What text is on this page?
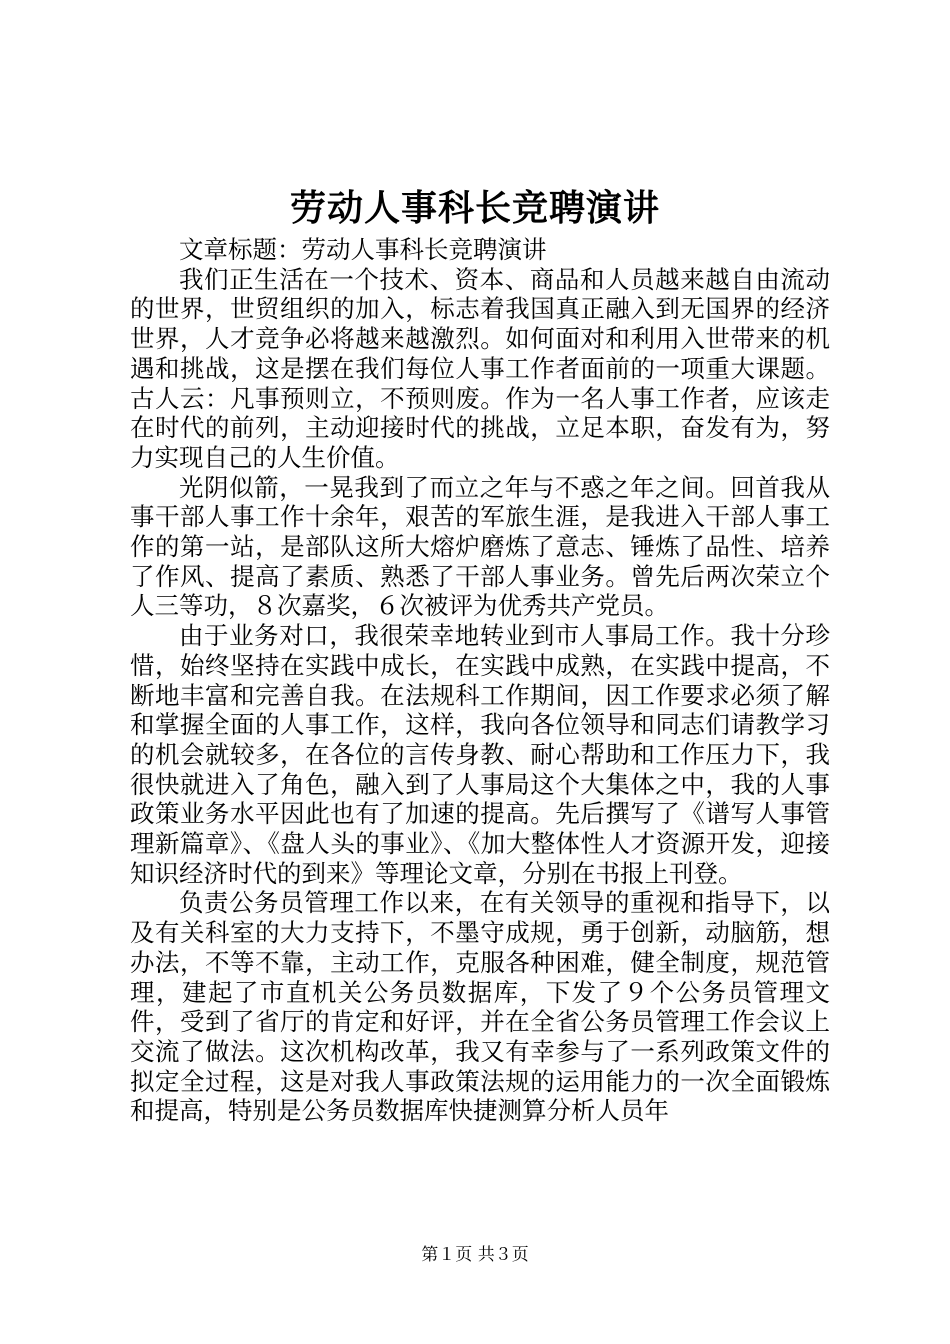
劳动人事科长竞聘演讲

文章标题：劳动人事科长竞聘演讲

我们正生活在一个技术、资本、商品和人员越来越自由流动的世界，世贸组织的加入，标志着我国真正融入到无国界的经济世界，人才竞争必将越来越激烈。如何面对和利用入世带来的机遇和挑战，这是摆在我们每位人事工作者面前的一项重大课题。古人云：凡事预则立，不预则废。作为一名人事工作者，应该走在时代的前列，主动迎接时代的挑战，立足本职，奋发有为，努力实现自己的人生价值。

光阴似箭，一晃我到了而立之年与不惑之年之间。回首我从事干部人事工作十余年，艰苦的军旅生涯，是我进入干部人事工作的第一站，是部队这所大熔炉磨炼了意志、锤炼了品性、培养了作风、提高了素质、熟悉了干部人事业务。曾先后两次荣立个人三等功，８次嘉奖，６次被评为优秀共产党员。

由于业务对口，我很荣幸地转业到市人事局工作。我十分珍惜，始终坚持在实践中成长，在实践中成熟，在实践中提高，不断地丰富和完善自我。在法规科工作期间，因工作要求必须了解和掌握全面的人事工作，这样，我向各位领导和同志们请教学习的机会就较多，在各位的言传身教、耐心帮助和工作压力下，我很快就进入了角色，融入到了人事局这个大集体之中，我的人事政策业务水平因此也有了加速的提高。先后撰写了《谱写人事管理新篇章》、《盘人头的事业》、《加大整体性人才资源开发，迎接知识经济时代的到来》等理论文章，分别在书报上刊登。

负责公务员管理工作以来，在有关领导的重视和指导下，以及有关科室的大力支持下，不墨守成规，勇于创新，动脑筋，想办法，不等不靠，主动工作，克服各种困难，健全制度，规范管理，建起了市直机关公务员数据库，下发了９个公务员管理文件，受到了省厅的肯定和好评，并在全省公务员管理工作会议上交流了做法。这次机构改革，我又有幸参与了一系列政策文件的拟定全过程，这是对我人事政策法规的运用能力的一次全面锻炼和提高，特别是公务员数据库快捷测算分析人员年

第１页 共３页
